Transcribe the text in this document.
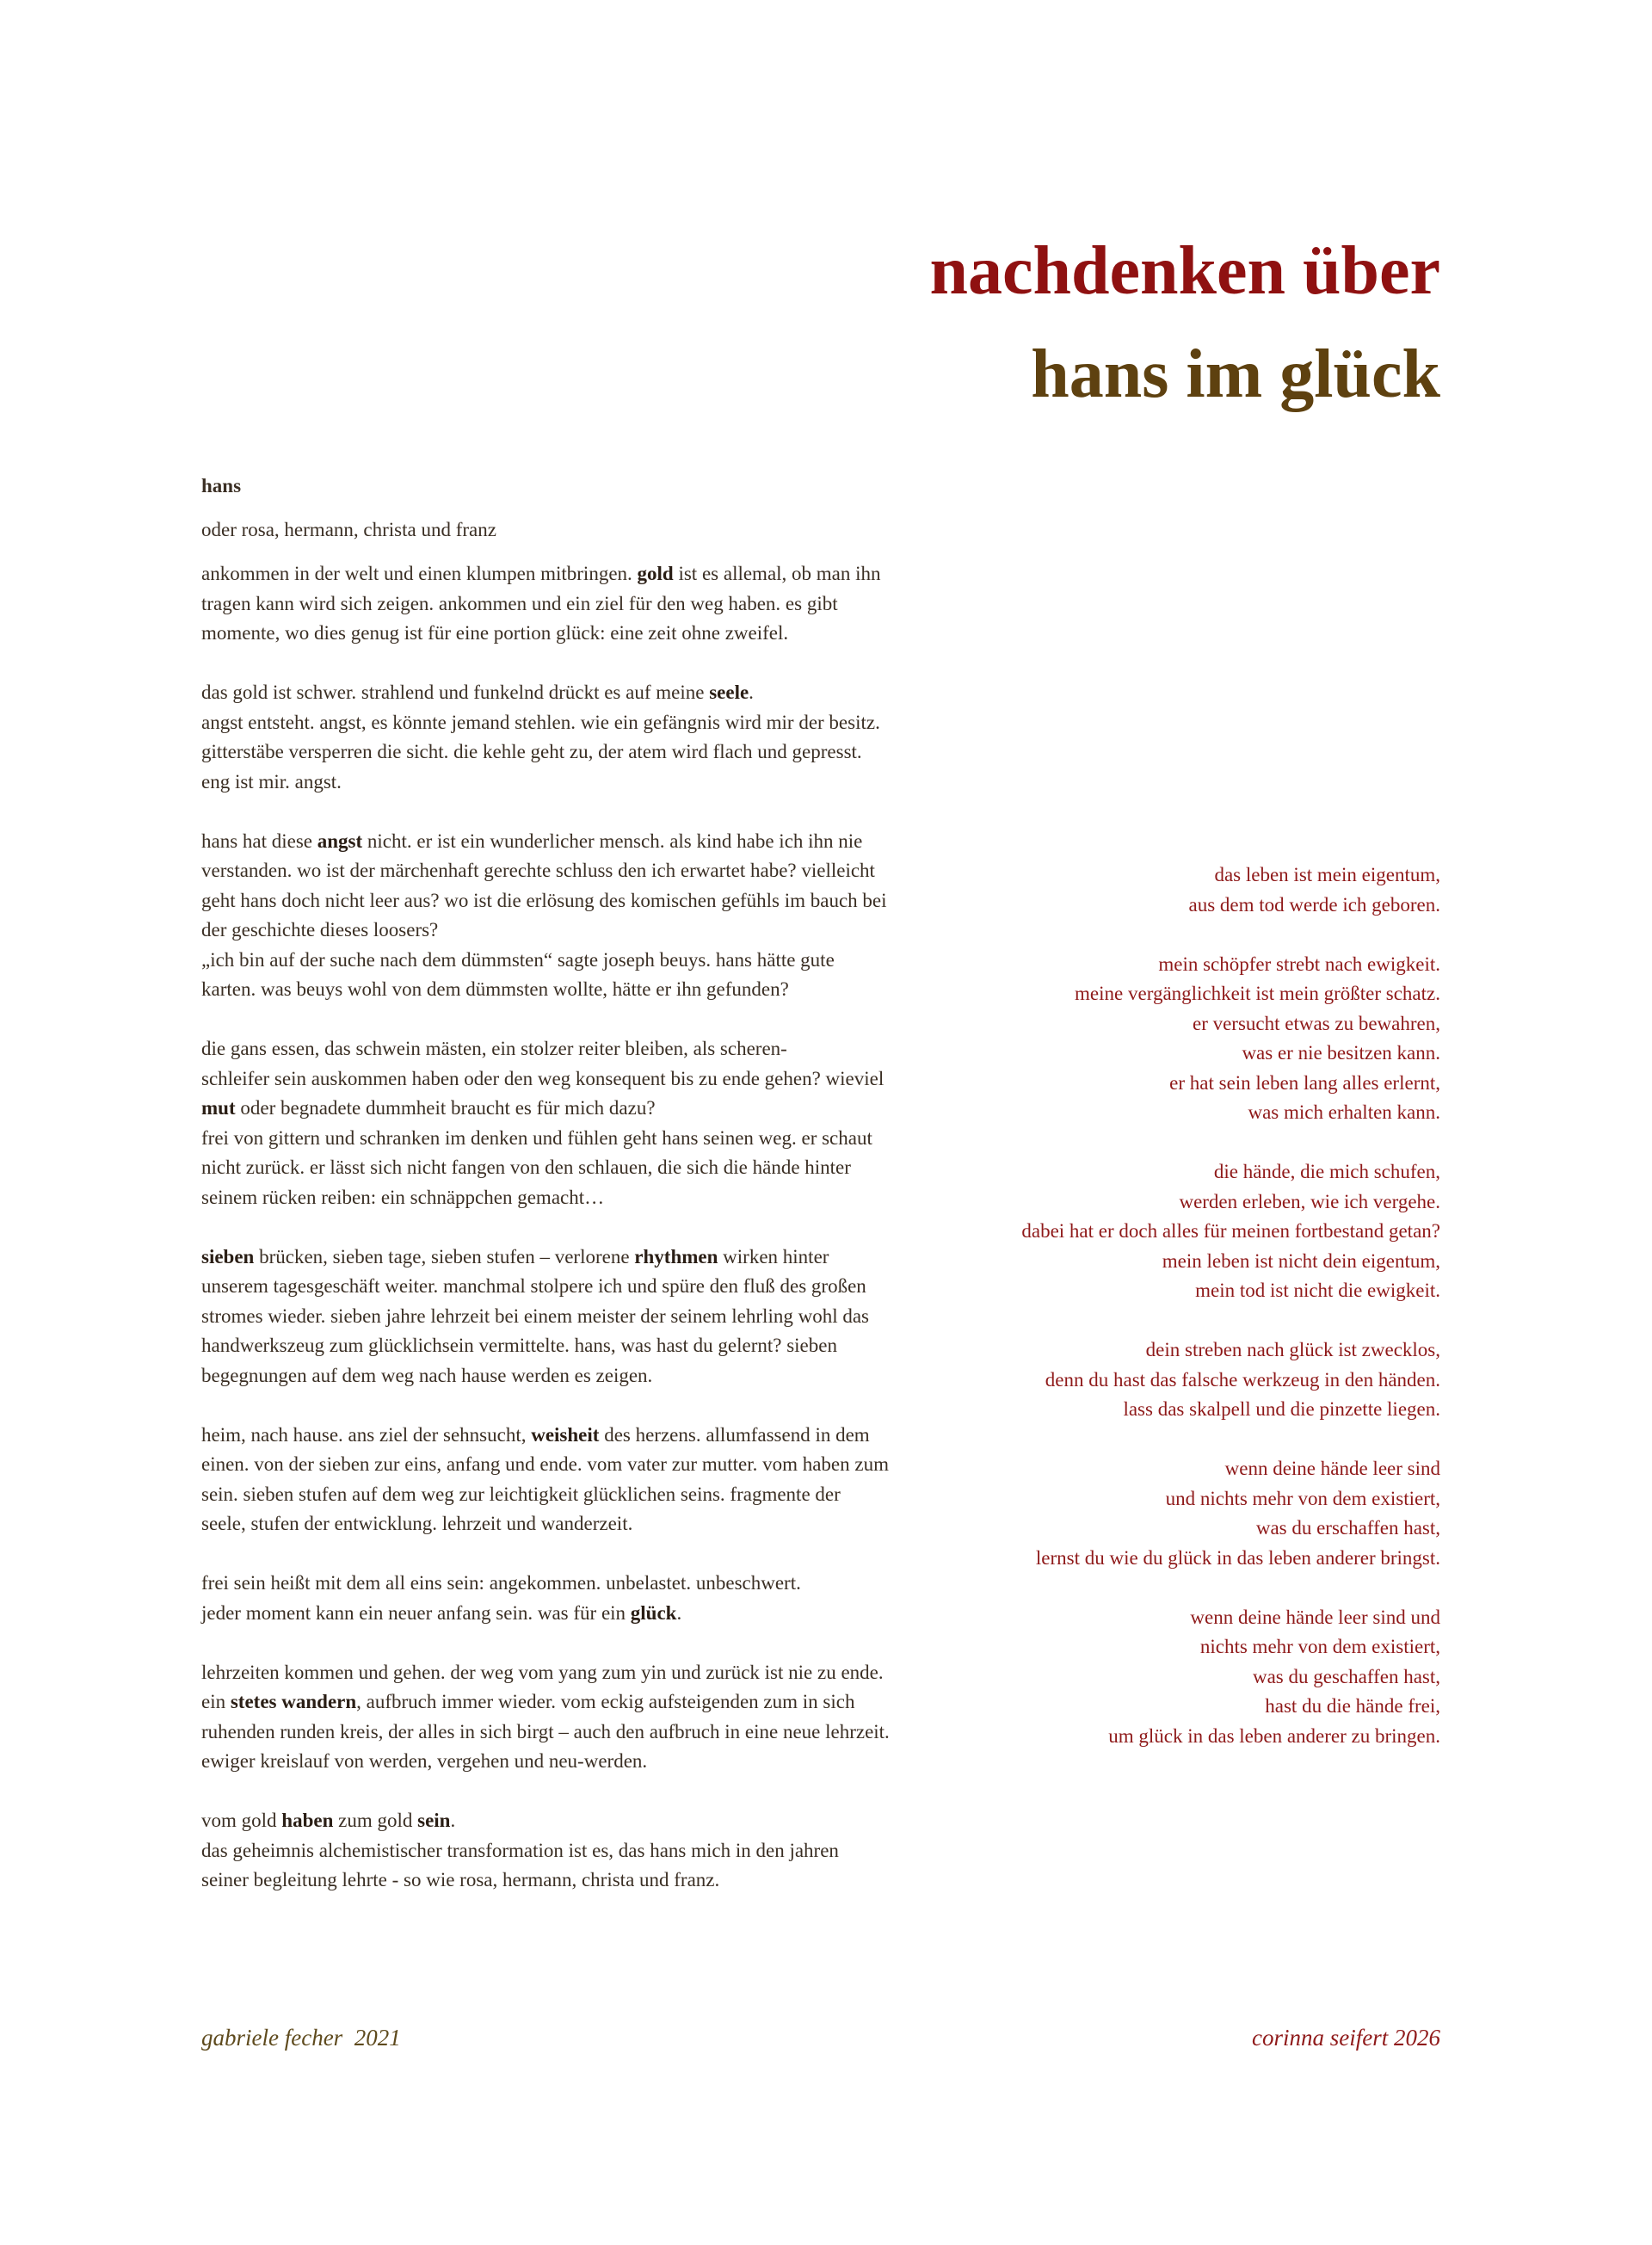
nachdenken über
hans im glück
hans
oder rosa, hermann, christa und franz

ankommen in der welt und einen klumpen mitbringen. gold ist es allemal, ob man ihn tragen kann wird sich zeigen. ankommen und ein ziel für den weg haben. es gibt momente, wo dies genug ist für eine portion glück: eine zeit ohne zweifel.

das gold ist schwer. strahlend und funkelnd drückt es auf meine seele.
angst entsteht. angst, es könnte jemand stehlen. wie ein gefängnis wird mir der besitz. gitterstäbe versperren die sicht. die kehle geht zu, der atem wird flach und gepresst. eng ist mir. angst.

hans hat diese angst nicht. er ist ein wunderlicher mensch. als kind habe ich ihn nie verstanden. wo ist der märchenhaft gerechte schluss den ich erwartet habe? vielleicht geht hans doch nicht leer aus? wo ist die erlösung des komischen gefühls im bauch bei der geschichte dieses loosers?
„ich bin auf der suche nach dem dümmsten“ sagte joseph beuys. hans hätte gute karten. was beuys wohl von dem dümmsten wollte, hätte er ihn gefunden?

die gans essen, das schwein mästen, ein stolzer reiter bleiben, als scheren-
schleifer sein auskommen haben oder den weg konsequent bis zu ende gehen? wieviel mut oder begnadete dummheit braucht es für mich dazu?
frei von gittern und schranken im denken und fühlen geht hans seinen weg. er schaut nicht zurück. er lässt sich nicht fangen von den schlauen, die sich die hände hinter seinem rücken reiben: ein schnäppchen gemacht…

sieben brücken, sieben tage, sieben stufen – verlorene rhythmen wirken hinter unserem tagesgeschäft weiter. manchmal stolpere ich und spüre den fluß des großen stromes wieder. sieben jahre lehrzeit bei einem meister der seinem lehrling wohl das handwerkszeug zum glücklichsein vermittelte. hans, was hast du gelernt? sieben begegnungen auf dem weg nach hause werden es zeigen.

heim, nach hause. ans ziel der sehnsucht, weisheit des herzens. allumfassend in dem einen. von der sieben zur eins, anfang und ende. vom vater zur mutter. vom haben zum sein. sieben stufen auf dem weg zur leichtigkeit glücklichen seins. fragmente der seele, stufen der entwicklung. lehrzeit und wanderzeit.

frei sein heißt mit dem all eins sein: angekommen. unbelastet. unbeschwert.
jeder moment kann ein neuer anfang sein. was für ein glück.

lehrzeiten kommen und gehen. der weg vom yang zum yin und zurück ist nie zu ende. ein stetes wandern, aufbruch immer wieder. vom eckig aufsteigenden zum in sich ruhenden runden kreis, der alles in sich birgt – auch den aufbruch in eine neue lehrzeit. ewiger kreislauf von werden, vergehen und neu-werden.

vom gold haben zum gold sein.
das geheimnis alchemistischer transformation ist es, das hans mich in den jahren seiner begleitung lehrte - so wie rosa, hermann, christa und franz.

das leben ist mein eigentum,
aus dem tod werde ich geboren.

mein schöpfer strebt nach ewigkeit.
meine vergänglichkeit ist mein größter schatz.
er versucht etwas zu bewahren,
was er nie besitzen kann.
er hat sein leben lang alles erlernt,
was mich erhalten kann.

die hände, die mich schufen,
werden erleben, wie ich vergehe.
dabei hat er doch alles für meinen fortbestand getan?
mein leben ist nicht dein eigentum,
mein tod ist nicht die ewigkeit.

dein streben nach glück ist zwecklos,
denn du hast das falsche werkzeug in den händen.
lass das skalpell und die pinzette liegen.

wenn deine hände leer sind
und nichts mehr von dem existiert,
was du erschaffen hast,
lernst du wie du glück in das leben anderer bringst.

wenn deine hände leer sind und
nichts mehr von dem existiert,
was du geschaffen hast,
hast du die hände frei,
um glück in das leben anderer zu bringen.

gabriele fecher  2021	corinna seifert 2026
